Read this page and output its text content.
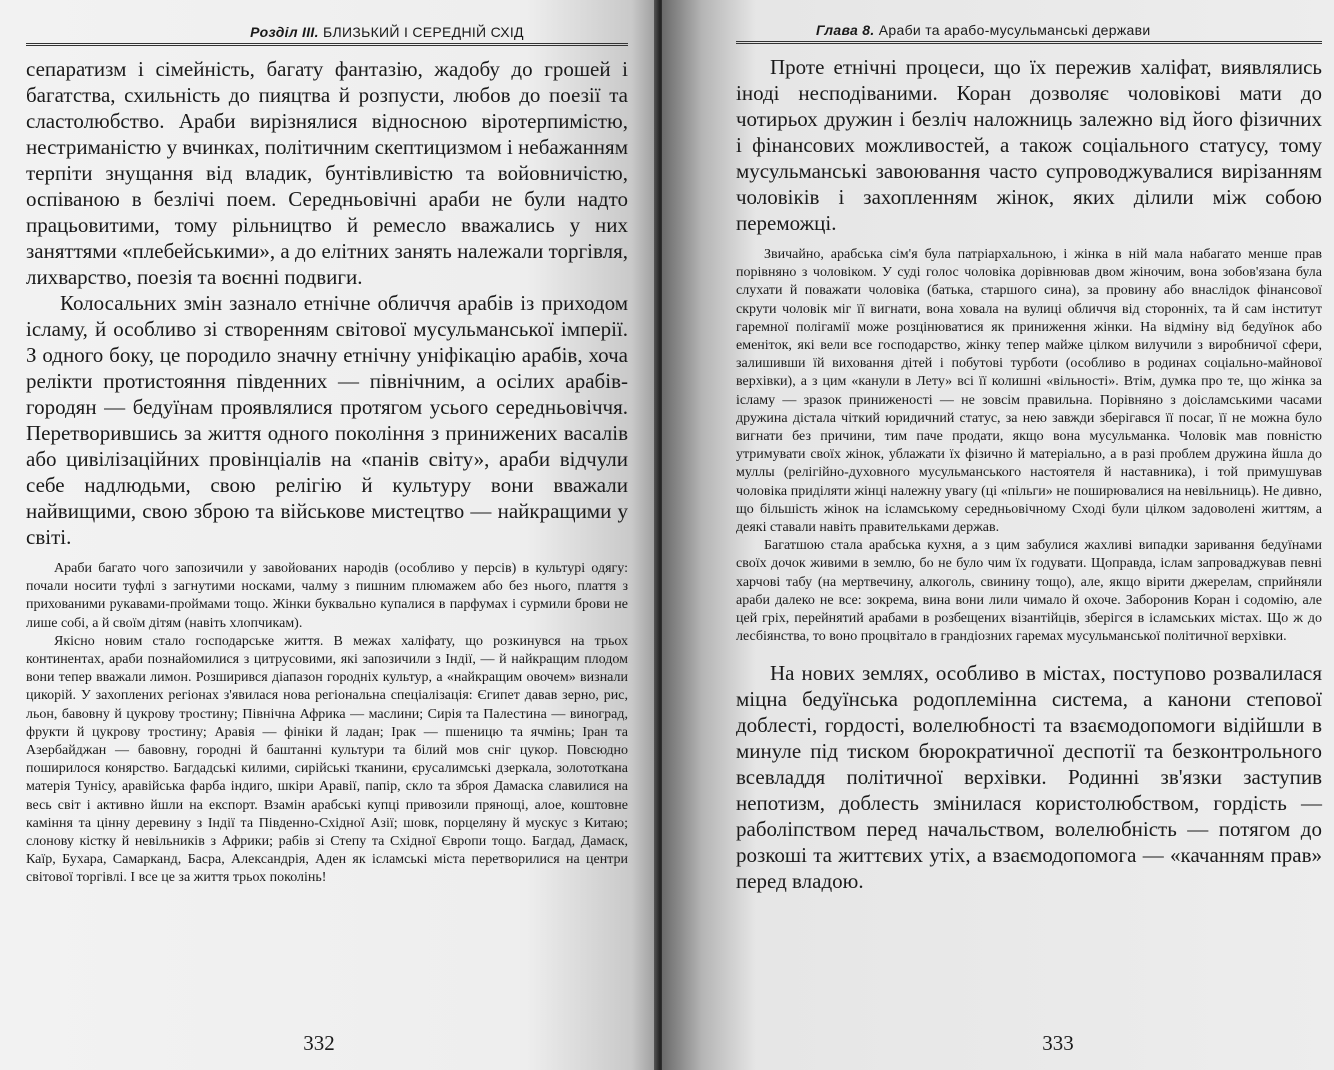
Розділ III. БЛИЗЬКИЙ І СЕРЕДНІЙ СХІД

сепаратизм і сімейність, багату фантазію, жадобу до грошей і багатства, схильність до пияцтва й розпусти, любов до поезії та сластолюбство. Араби вирізнялися відносною віротерпимістю, нестриманістю у вчинках, політичним скептицизмом і небажанням терпіти знущання від владик, бунтівливістю та войовничістю, оспіваною в безлічі поем. Середньовічні араби не були надто працьовитими, тому рільництво й ремесло вважались у них заняттями «плебейськими», а до елітних занять належали торгівля, лихварство, поезія та воєнні подвиги.

Колосальних змін зазнало етнічне обличчя арабів із приходом ісламу, й особливо зі створенням світової мусульманської імперії. З одного боку, це породило значну етнічну уніфікацію арабів, хоча релікти протистояння південних — північним, а осілих арабів-городян — бедуїнам проявлялися протягом усього середньовіччя. Перетворившись за життя одного покоління з принижених васалів або цивілізаційних провінціалів на «панів світу», араби відчули себе надлюдьми, свою релігію й культуру вони вважали найвищими, свою зброю та військове мистецтво — найкращими у світі.

Араби багато чого запозичили у завойованих народів (особливо у персів) в культурі одягу: почали носити туфлі з загнутими носками, чалму з пишним плюмажем або без нього, плаття з прихованими рукавами-проймами тощо. Жінки буквально купалися в парфумах і сурмили брови не лише собі, а й своїм дітям (навіть хлопчикам).

Якісно новим стало господарське життя. В межах халіфату, що розкинувся на трьох континентах, араби познайомилися з цитрусовими, які запозичили з Індії, — й найкращим плодом вони тепер вважали лимон. Розширився діапазон городніх культур, а «найкращим овочем» визнали цикорій. У захоплених регіонах з'явилася нова регіональна спеціалізація: Єгипет давав зерно, рис, льон, бавовну й цукрову тростину; Північна Африка — маслини; Сирія та Палестина — виноград, фрукти й цукрову тростину; Аравія — фініки й ладан; Ірак — пшеницю та ячмінь; Іран та Азербайджан — бавовну, городні й баштанні культури та білий мов сніг цукор. Повсюдно поширилося конярство. Багдадські килими, сирійські тканини, єрусалимські дзеркала, золототкана матерія Тунісу, аравійська фарба індиго, шкіри Аравії, папір, скло та зброя Дамаска славилися на весь світ і активно йшли на експорт. Взамін арабські купці привозили прянощі, алое, коштовне каміння та цінну деревину з Індії та Південно-Східної Азії; шовк, порцеляну й мускус з Китаю; слонову кістку й невільників з Африки; рабів зі Степу та Східної Європи тощо. Багдад, Дамаск, Каїр, Бухара, Самарканд, Басра, Александрія, Аден як ісламські міста перетворилися на центри світової торгівлі. І все це за життя трьох поколінь!

332
Глава 8. Араби та арабо-мусульманські держави

Проте етнічні процеси, що їх пережив халіфат, виявлялись іноді несподіваними. Коран дозволяє чоловікові мати до чотирьох дружин і безліч наложниць залежно від його фізичних і фінансових можливостей, а також соціального статусу, тому мусульманські завоювання часто супроводжувалися вирізанням чоловіків і захопленням жінок, яких ділили між собою переможці.

Звичайно, арабська сім'я була патріархальною, і жінка в ній мала набагато менше прав порівняно з чоловіком. У суді голос чоловіка дорівнював двом жіночим, вона зобов'язана була слухати й поважати чоловіка (батька, старшого сина), за провину або внаслідок фінансової скрути чоловік міг її вигнати, вона ховала на вулиці обличчя від сторонніх, та й сам інститут гаремної полігамії може розцінюватися як приниження жінки. На відміну від бедуїнок або еменіток, які вели все господарство, жінку тепер майже цілком вилучили з виробничої сфери, залишивши їй виховання дітей і побутові турботи (особливо в родинах соціально-майнової верхівки), а з цим «канули в Лету» всі її колишні «вільності». Втім, думка про те, що жінка за ісламу — зразок приниженості — не зовсім правильна. Порівняно з доісламськими часами дружина дістала чіткий юридичний статус, за нею завжди зберігався її посаг, її не можна було вигнати без причини, тим паче продати, якщо вона мусульманка. Чоловік мав повністю утримувати своїх жінок, ублажати їх фізично й матеріально, а в разі проблем дружина йшла до муллы (релігійно-духовного мусульманського настоятеля й наставника), і той примушував чоловіка приділяти жінці належну увагу (ці «пільги» не поширювалися на невільниць). Не дивно, що більшість жінок на ісламському середньовічному Сході були цілком задоволені життям, а деякі ставали навіть правительками держав.

Багатшою стала арабська кухня, а з цим забулися жахливі випадки заривання бедуїнами своїх дочок живими в землю, бо не було чим їх годувати. Щоправда, іслам запроваджував певні харчові табу (на мертвечину, алкоголь, свинину тощо), але, якщо вірити джерелам, сприйняли араби далеко не все: зокрема, вина вони лили чимало й охоче. Заборонив Коран і содомію, але цей гріх, перейнятий арабами в розбещених візантійців, зберігся в ісламських містах. Що ж до лесбіянства, то воно процвітало в грандіозних гаремах мусульманської політичної верхівки.

На нових землях, особливо в містах, поступово розвалилася міцна бедуїнська родоплемінна система, а канони степової доблесті, гордості, волелюбності та взаємодопомоги відійшли в минуле під тиском бюрократичної деспотії та безконтрольного всевладдя політичної верхівки. Родинні зв'язки заступив непотизм, доблесть змінилася користолюбством, гордість — раболіпством перед начальством, волелюбність — потягом до розкоші та життєвих утіх, а взаємодопомога — «качанням прав» перед владою.

333
